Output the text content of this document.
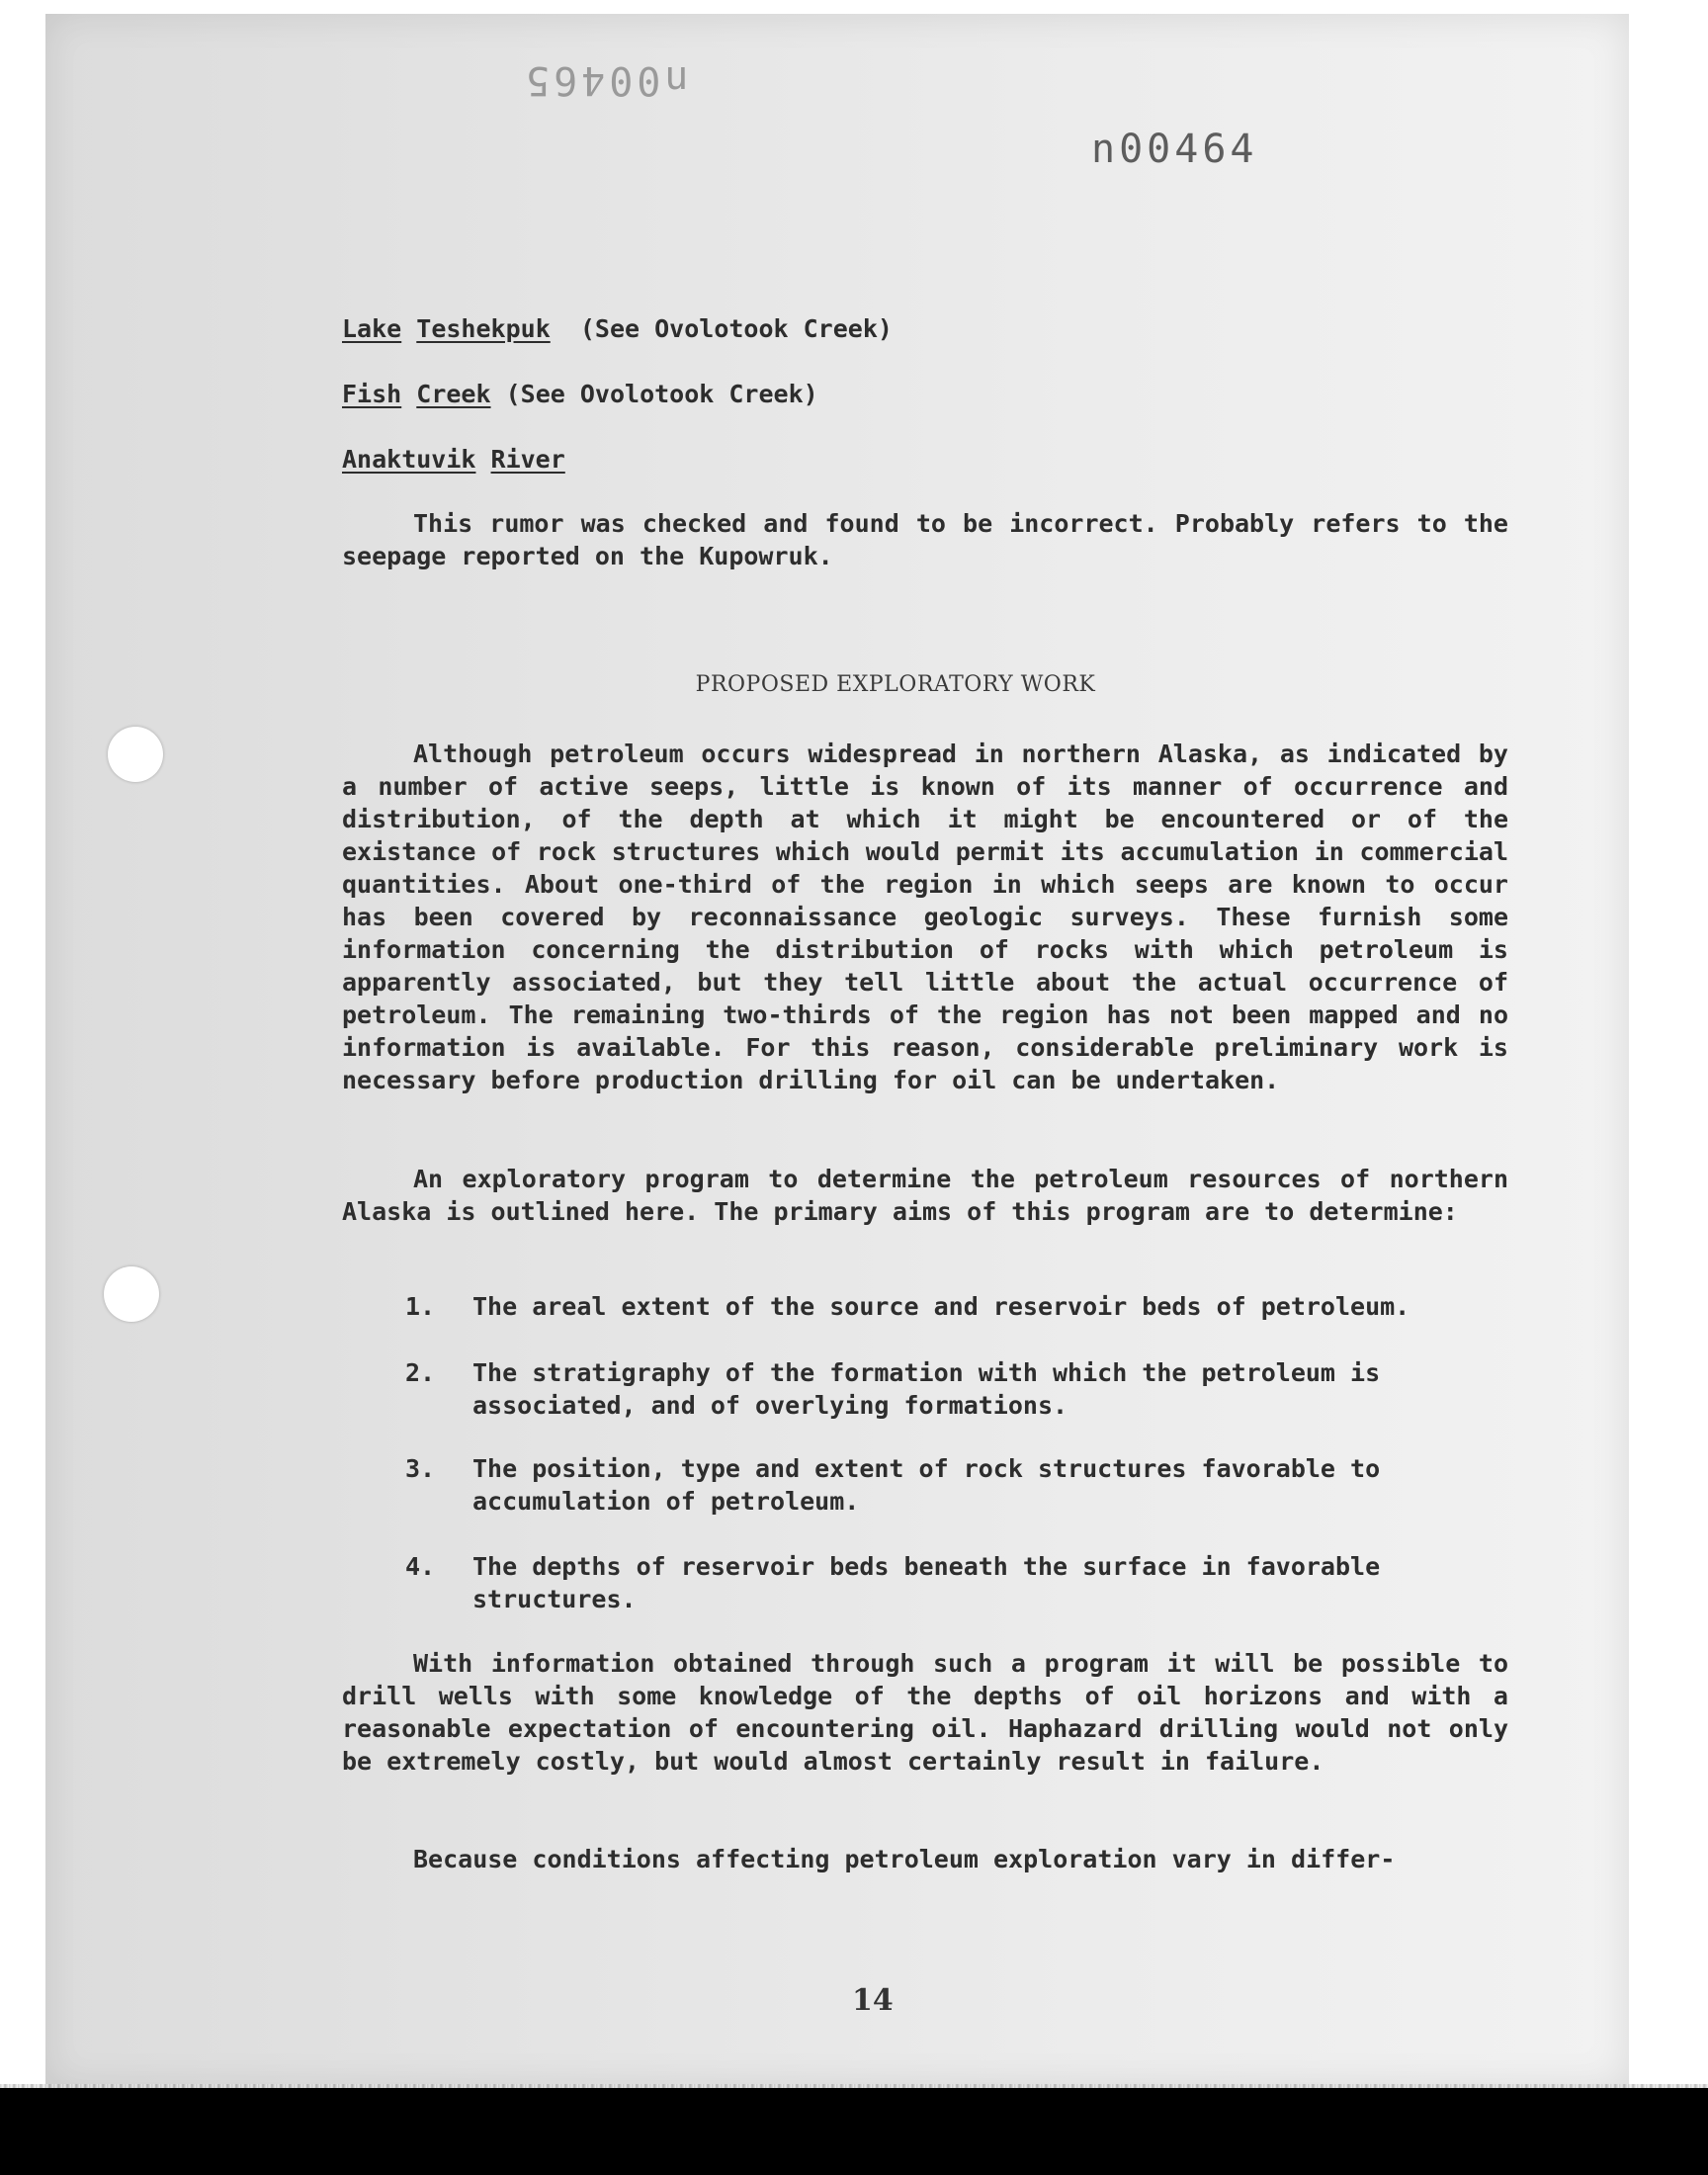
n00465
n00464
Lake Teshekpuk (See Ovolotook Creek)
Fish Creek (See Ovolotook Creek)
Anaktuvik River

This rumor was checked and found to be incorrect. Probably refers to the seepage reported on the Kupowruk.

PROPOSED EXPLORATORY WORK

Although petroleum occurs widespread in northern Alaska, as indicated by a number of active seeps, little is known of its manner of occurrence and distribution, of the depth at which it might be encountered or of the existance of rock structures which would permit its accumulation in commercial quantities. About one-third of the region in which seeps are known to occur has been covered by reconnaissance geologic surveys. These furnish some information concerning the distribution of rocks with which petroleum is apparently associated, but they tell little about the actual occurrence of petroleum. The remaining two-thirds of the region has not been mapped and no information is available. For this reason, considerable preliminary work is necessary before production drilling for oil can be undertaken.

An exploratory program to determine the petroleum resources of northern Alaska is outlined here. The primary aims of this program are to determine:

1.	The areal extent of the source and reservoir beds of petroleum.
2.	The stratigraphy of the formation with which the petroleum is associated, and of overlying formations.
3.	The position, type and extent of rock structures favorable to accumulation of petroleum.
4.	The depths of reservoir beds beneath the surface in favorable structures.

With information obtained through such a program it will be possible to drill wells with some knowledge of the depths of oil horizons and with a reasonable expectation of encountering oil. Haphazard drilling would not only be extremely costly, but would almost certainly result in failure.

Because conditions affecting petroleum exploration vary in differ-

14
